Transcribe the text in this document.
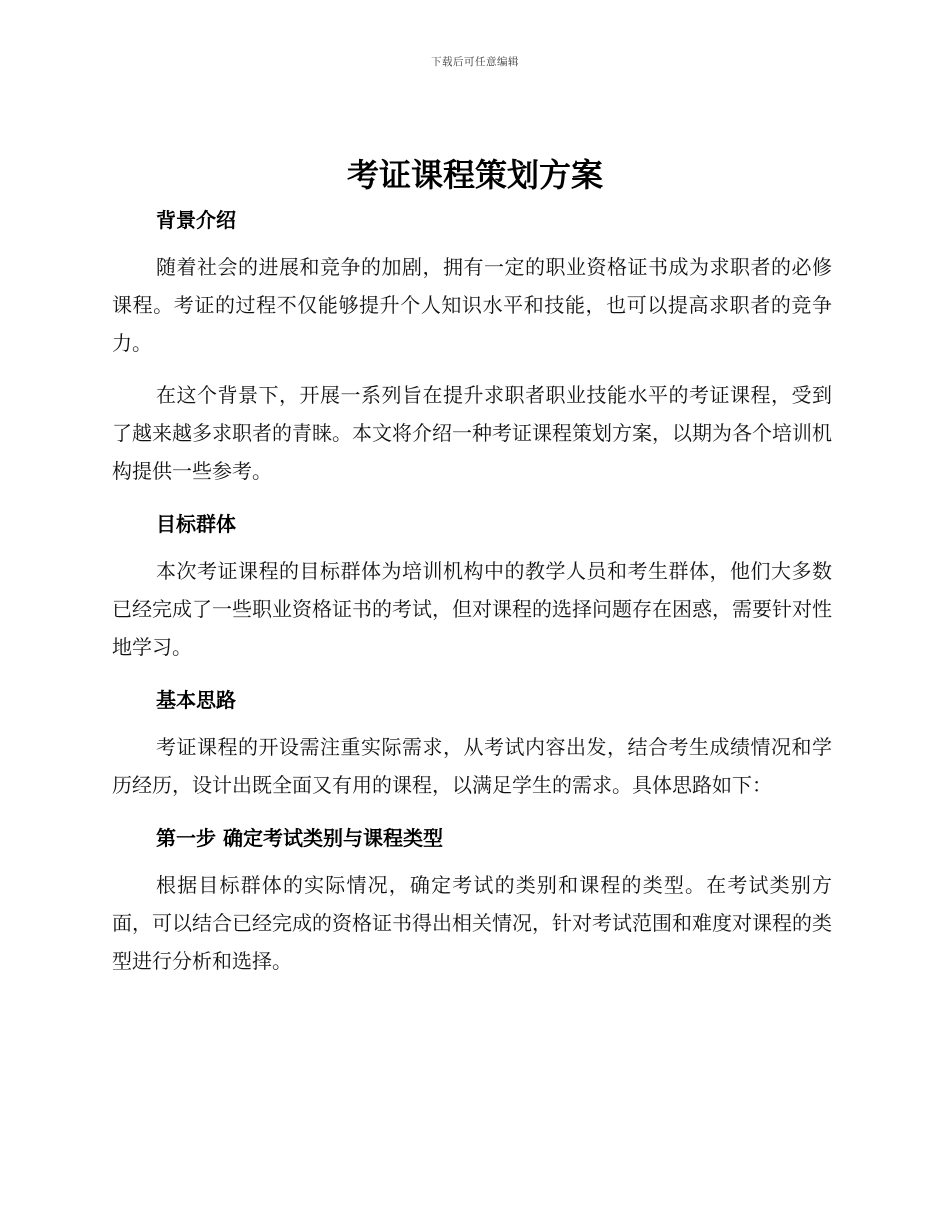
下载后可任意编辑
考证课程策划方案
背景介绍

随着社会的进展和竞争的加剧，拥有一定的职业资格证书成为求职者的必修课程。考证的过程不仅能够提升个人知识水平和技能，也可以提高求职者的竞争力。

在这个背景下，开展一系列旨在提升求职者职业技能水平的考证课程，受到了越来越多求职者的青睐。本文将介绍一种考证课程策划方案，以期为各个培训机构提供一些参考。

目标群体

本次考证课程的目标群体为培训机构中的教学人员和考生群体，他们大多数已经完成了一些职业资格证书的考试，但对课程的选择问题存在困惑，需要针对性地学习。

基本思路

考证课程的开设需注重实际需求，从考试内容出发，结合考生成绩情况和学历经历，设计出既全面又有用的课程，以满足学生的需求。具体思路如下：

第一步 确定考试类别与课程类型

根据目标群体的实际情况，确定考试的类别和课程的类型。在考试类别方面，可以结合已经完成的资格证书得出相关情况，针对考试范围和难度对课程的类型进行分析和选择。
